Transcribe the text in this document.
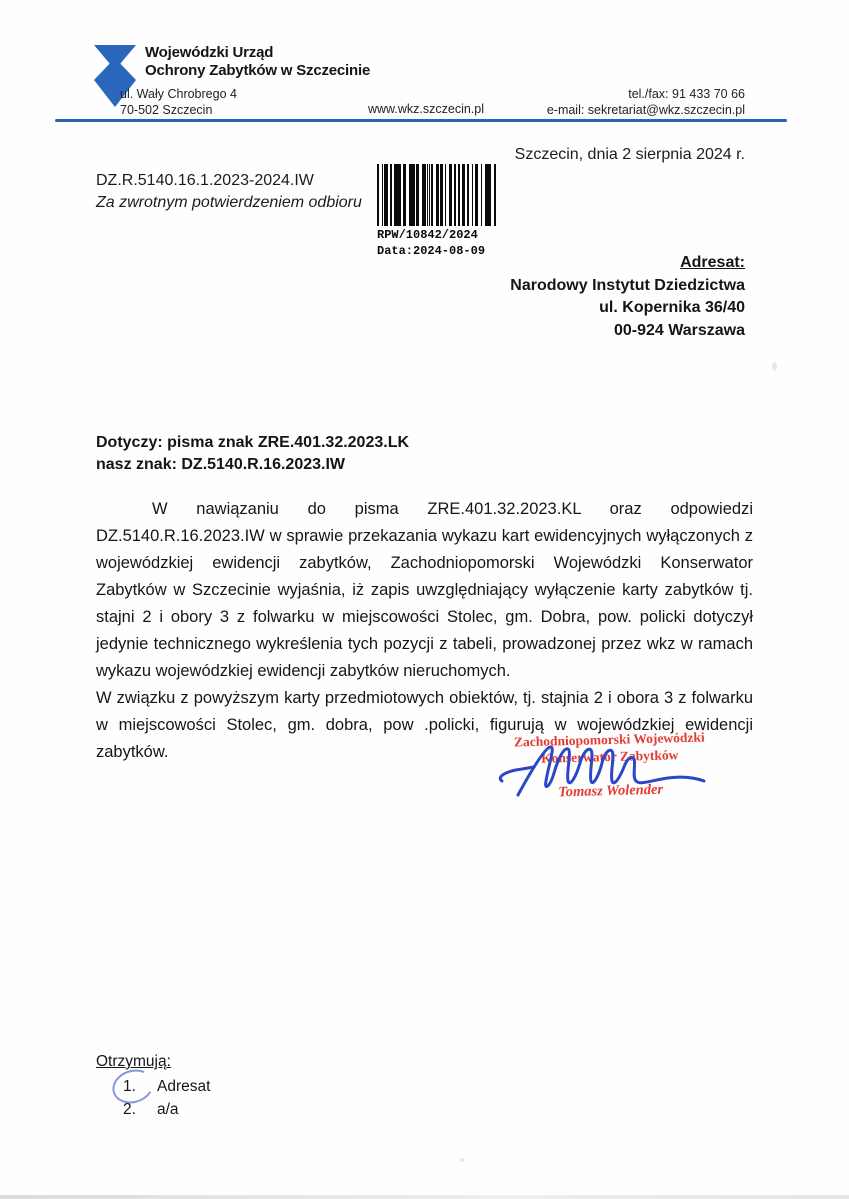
Wojewódzki Urząd
Ochrony Zabytków w Szczecinie
ul. Wały Chrobrego 4
70-502 Szczecin	www.wkz.szczecin.pl
tel./fax: 91 433 70 66
e-mail: sekretariat@wkz.szczecin.pl
Szczecin, dnia 2 sierpnia 2024 r.
DZ.R.5140.16.1.2023-2024.IW
Za zwrotnym potwierdzeniem odbioru
RPW/10842/2024
Data:2024-08-09
Adresat:
Narodowy Instytut Dziedzictwa
ul. Kopernika 36/40
00-924 Warszawa
Dotyczy: pisma znak ZRE.401.32.2023.LK
nasz znak: DZ.5140.R.16.2023.IW

W nawiązaniu do pisma ZRE.401.32.2023.KL oraz odpowiedzi DZ.5140.R.16.2023.IW w sprawie przekazania wykazu kart ewidencyjnych wyłączonych z wojewódzkiej ewidencji zabytków, Zachodniopomorski Wojewódzki Konserwator Zabytków w Szczecinie wyjaśnia, iż zapis uwzględniający wyłączenie karty zabytków tj. stajni 2 i obory 3 z folwarku w miejscowości Stolec, gm. Dobra, pow. policki dotyczył jedynie technicznego wykreślenia tych pozycji z tabeli, prowadzonej przez wkz w ramach wykazu wojewódzkiej ewidencji zabytków nieruchomych.

W związku z powyższym karty przedmiotowych obiektów, tj. stajnia 2 i obora 3 z folwarku w miejscowości Stolec, gm. dobra, pow .policki, figurują w wojewódzkiej ewidencji zabytków.

Zachodniopomorski Wojewódzki
Konserwator Zabytków
Tomasz Wolender
Otrzymują:
1. Adresat
2. a/a
